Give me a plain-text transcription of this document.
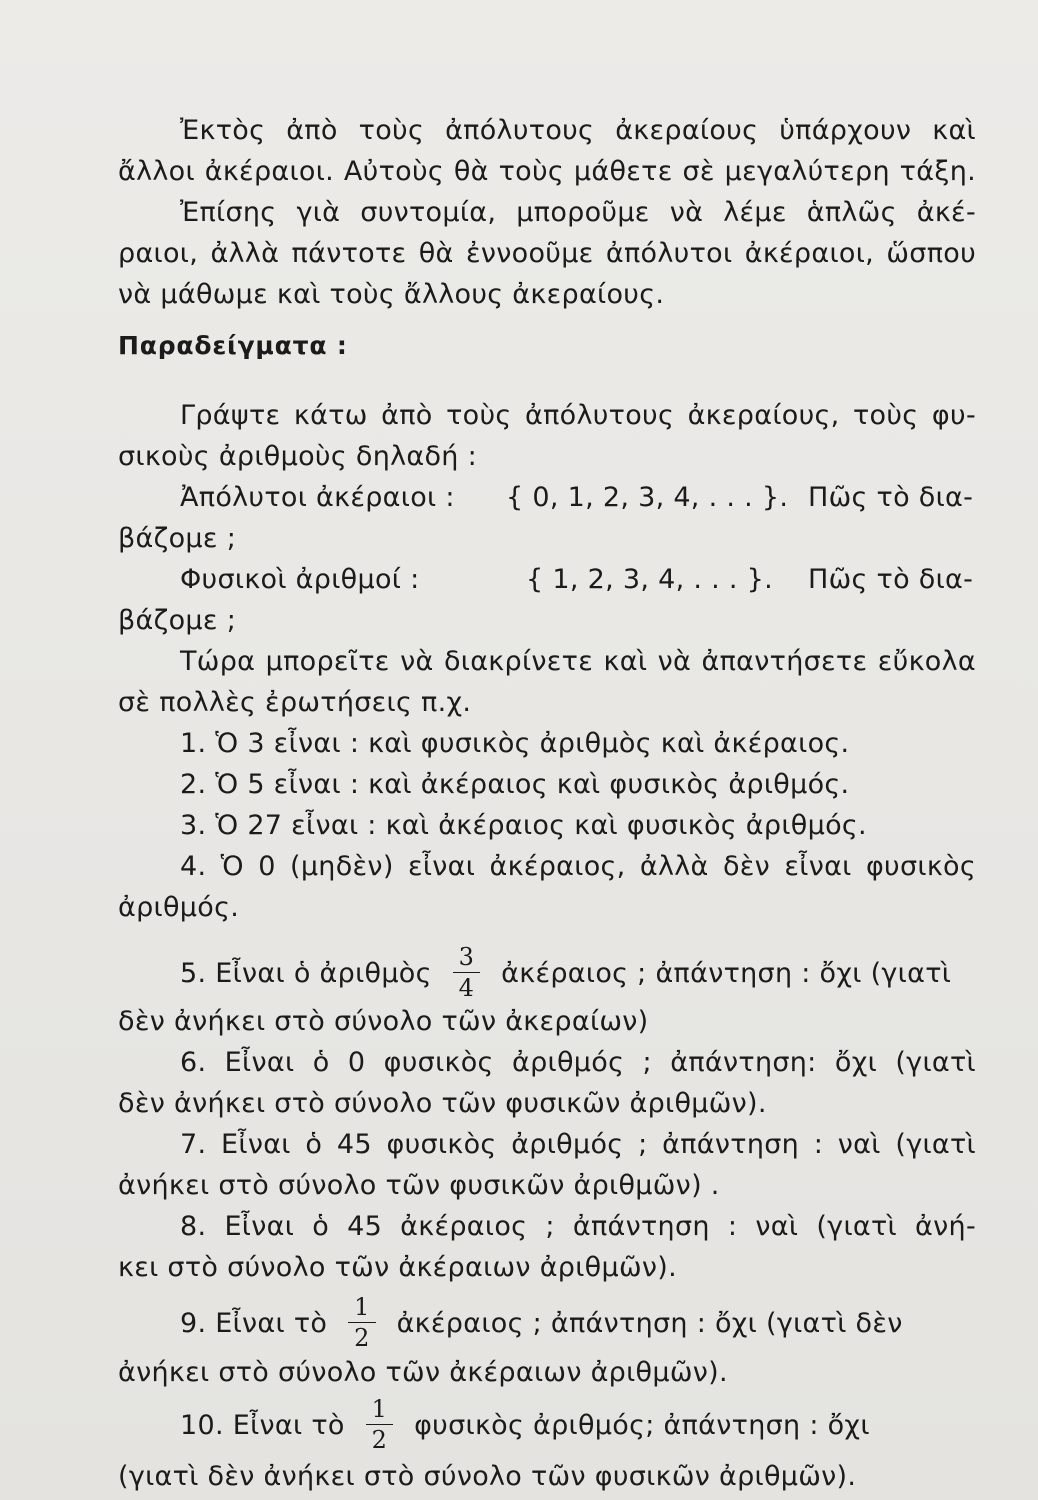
Ἐκτὸς ἀπὸ τοὺς ἀπόλυτους ἀκεραίους ὑπάρχουν καὶ
ἄλλοι ἀκέραιοι. Αὐτοὺς θὰ τοὺς μάθετε σὲ μεγαλύτερη τάξη.
Ἐπίσης γιὰ συντομία, μποροῦμε νὰ λέμε ἁπλῶς ἀκέ-
ραιοι, ἀλλὰ πάντοτε θὰ ἐννοοῦμε ἀπόλυτοι ἀκέραιοι, ὥσπου
νὰ μάθωμε καὶ τοὺς ἄλλους ἀκεραίους.
Παραδείγματα :
Γράψτε κάτω ἀπὸ τοὺς ἀπόλυτους ἀκεραίους, τοὺς φυ-
σικοὺς ἀριθμοὺς δηλαδή :
Ἀπόλυτοι ἀκέραιοι : { 0, 1, 2, 3, 4, . . . }. Πῶς τὸ δια-
βάζομε ;
Φυσικοὶ ἀριθμοί :	{ 1, 2, 3, 4, . . . }. Πῶς τὸ δια-
βάζομε ;
Τώρα μπορεῖτε νὰ διακρίνετε καὶ νὰ ἀπαντήσετε εὔκολα
σὲ πολλὲς ἐρωτήσεις π.χ.
1. Ὁ 3 εἶναι : καὶ φυσικὸς ἀριθμὸς καὶ ἀκέραιος.
2. Ὁ 5 εἶναι : καὶ ἀκέραιος καὶ φυσικὸς ἀριθμός.
3. Ὁ 27 εἶναι : καὶ ἀκέραιος καὶ φυσικὸς ἀριθμός.
4. Ὁ 0 (μηδὲν) εἶναι ἀκέραιος, ἀλλὰ δὲν εἶναι φυσικὸς
ἀριθμός.
5. Εἶναι ὁ ἀριθμὸς $\frac{3}{4}$ ἀκέραιος ; ἀπάντηση : ὄχι (γιατὶ
δὲν ἀνήκει στὸ σύνολο τῶν ἀκεραίων)
6. Εἶναι ὁ 0 φυσικὸς ἀριθμός ; ἀπάντηση: ὄχι (γιατὶ
δὲν ἀνήκει στὸ σύνολο τῶν φυσικῶν ἀριθμῶν).
7. Εἶναι ὁ 45 φυσικὸς ἀριθμός ; ἀπάντηση : ναὶ (γιατὶ
ἀνήκει στὸ σύνολο τῶν φυσικῶν ἀριθμῶν) .
8. Εἶναι ὁ 45 ἀκέραιος ; ἀπάντηση : ναὶ (γιατὶ ἀνή-
κει στὸ σύνολο τῶν ἀκέραιων ἀριθμῶν).
9. Εἶναι τὸ $\frac{1}{2}$ ἀκέραιος ; ἀπάντηση : ὄχι (γιατὶ δὲν
ἀνήκει στὸ σύνολο τῶν ἀκέραιων ἀριθμῶν).
10. Εἶναι τὸ $\frac{1}{2}$ φυσικὸς ἀριθμός; ἀπάντηση : ὄχι
(γιατὶ δὲν ἀνήκει στὸ σύνολο τῶν φυσικῶν ἀριθμῶν).
